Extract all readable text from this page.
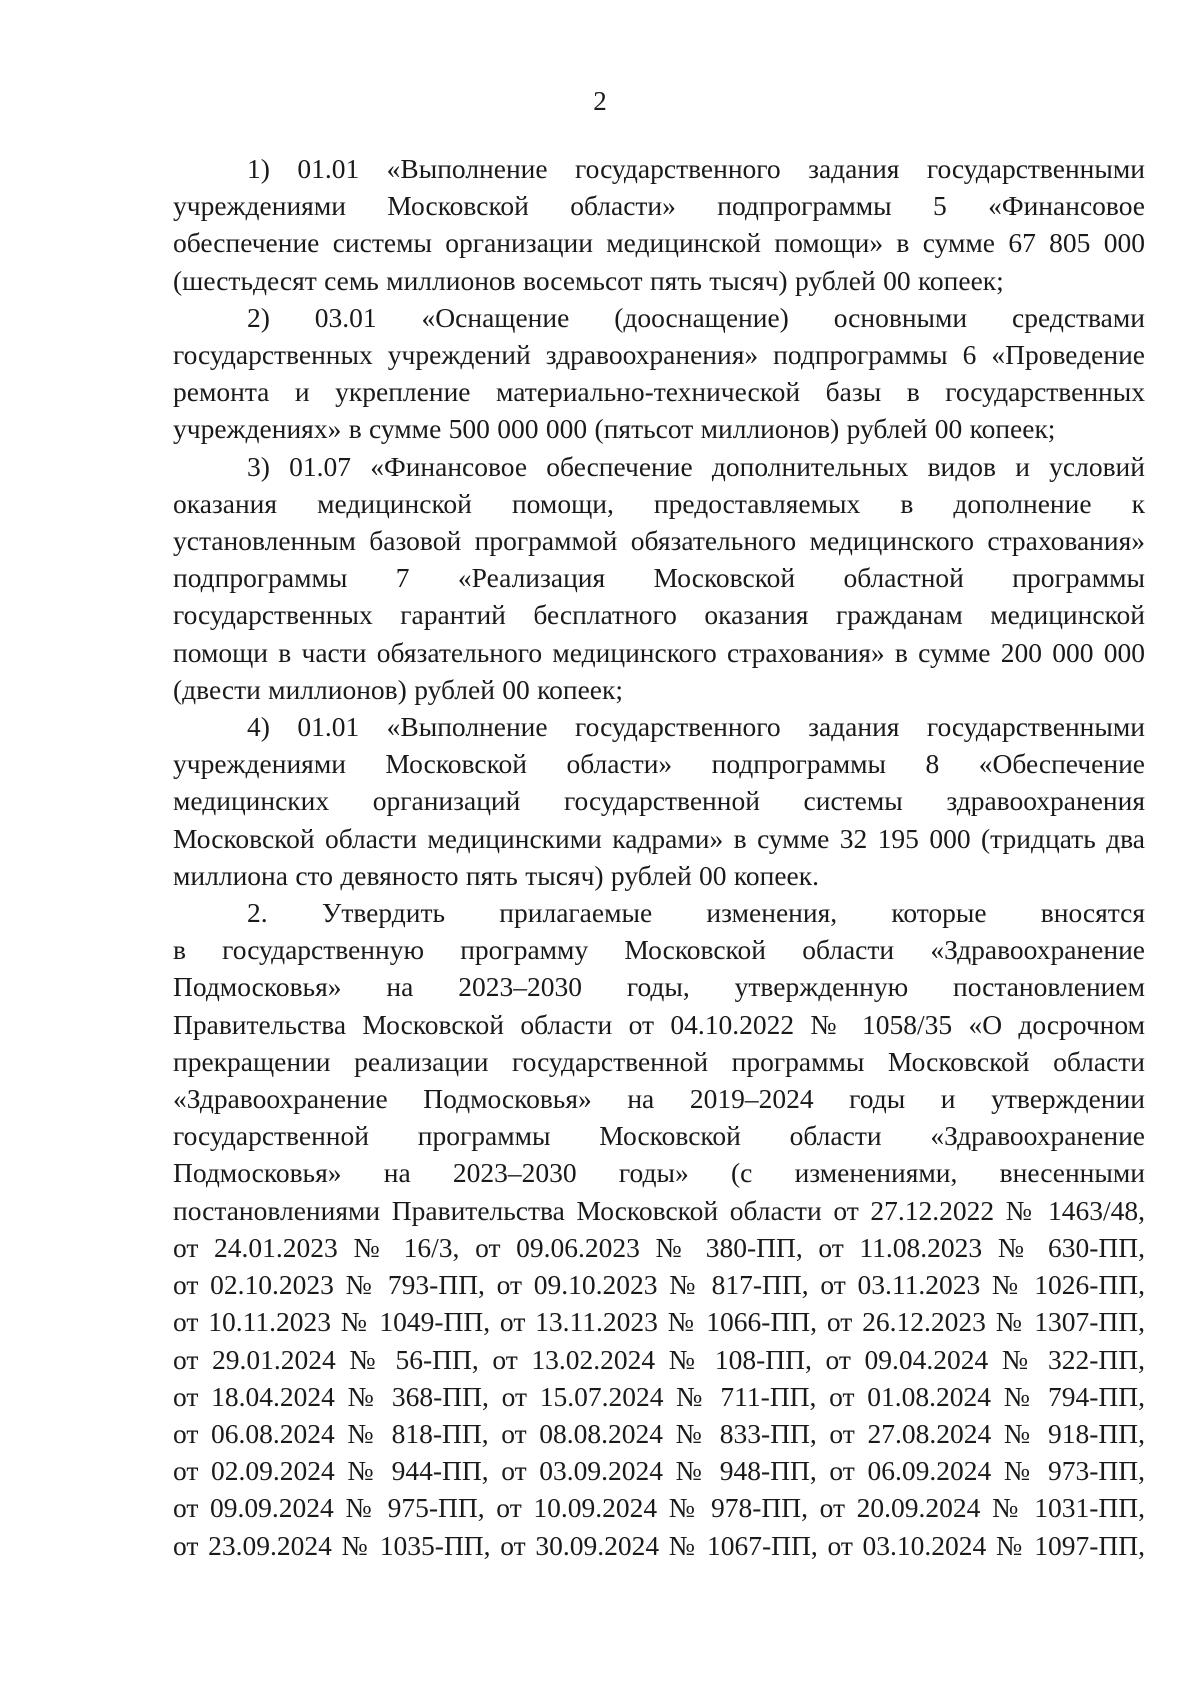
2
1) 01.01 «Выполнение государственного задания государственными
учреждениями Московской области» подпрограммы 5 «Финансовое
обеспечение системы организации медицинской помощи» в сумме 67 805 000
(шестьдесят семь миллионов восемьсот пять тысяч) рублей 00 копеек;
2) 03.01 «Оснащение (дооснащение) основными средствами
государственных учреждений здравоохранения» подпрограммы 6 «Проведение
ремонта и укрепление материально-технической базы в государственных
учреждениях» в сумме 500 000 000 (пятьсот миллионов) рублей 00 копеек;
3) 01.07 «Финансовое обеспечение дополнительных видов и условий
оказания медицинской помощи, предоставляемых в дополнение к
установленным базовой программой обязательного медицинского страхования»
подпрограммы 7 «Реализация Московской областной программы
государственных гарантий бесплатного оказания гражданам медицинской
помощи в части обязательного медицинского страхования» в сумме 200 000 000
(двести миллионов) рублей 00 копеек;
4) 01.01 «Выполнение государственного задания государственными
учреждениями Московской области» подпрограммы 8 «Обеспечение
медицинских организаций государственной системы здравоохранения
Московской области медицинскими кадрами» в сумме 32 195 000 (тридцать два
миллиона сто девяносто пять тысяч) рублей 00 копеек.
2. Утвердить прилагаемые изменения, которые вносятся
в государственную программу Московской области «Здравоохранение
Подмосковья» на 2023–2030 годы, утвержденную постановлением
Правительства Московской области от 04.10.2022 № 1058/35 «О досрочном
прекращении реализации государственной программы Московской области
«Здравоохранение Подмосковья» на 2019–2024 годы и утверждении
государственной программы Московской области «Здравоохранение
Подмосковья» на 2023–2030 годы» (с изменениями, внесенными
постановлениями Правительства Московской области от 27.12.2022 № 1463/48,
от 24.01.2023 № 16/3, от 09.06.2023 № 380-ПП, от 11.08.2023 № 630-ПП,
от 02.10.2023 № 793-ПП, от 09.10.2023 № 817-ПП, от 03.11.2023 № 1026-ПП,
от 10.11.2023 № 1049-ПП, от 13.11.2023 № 1066-ПП, от 26.12.2023 № 1307-ПП,
от 29.01.2024 № 56-ПП, от 13.02.2024 № 108-ПП, от 09.04.2024 № 322-ПП,
от 18.04.2024 № 368-ПП, от 15.07.2024 № 711-ПП, от 01.08.2024 № 794-ПП,
от 06.08.2024 № 818-ПП, от 08.08.2024 № 833-ПП, от 27.08.2024 № 918-ПП,
от 02.09.2024 № 944-ПП, от 03.09.2024 № 948-ПП, от 06.09.2024 № 973-ПП,
от 09.09.2024 № 975-ПП, от 10.09.2024 № 978-ПП, от 20.09.2024 № 1031-ПП,
от 23.09.2024 № 1035-ПП, от 30.09.2024 № 1067-ПП, от 03.10.2024 № 1097-ПП,
